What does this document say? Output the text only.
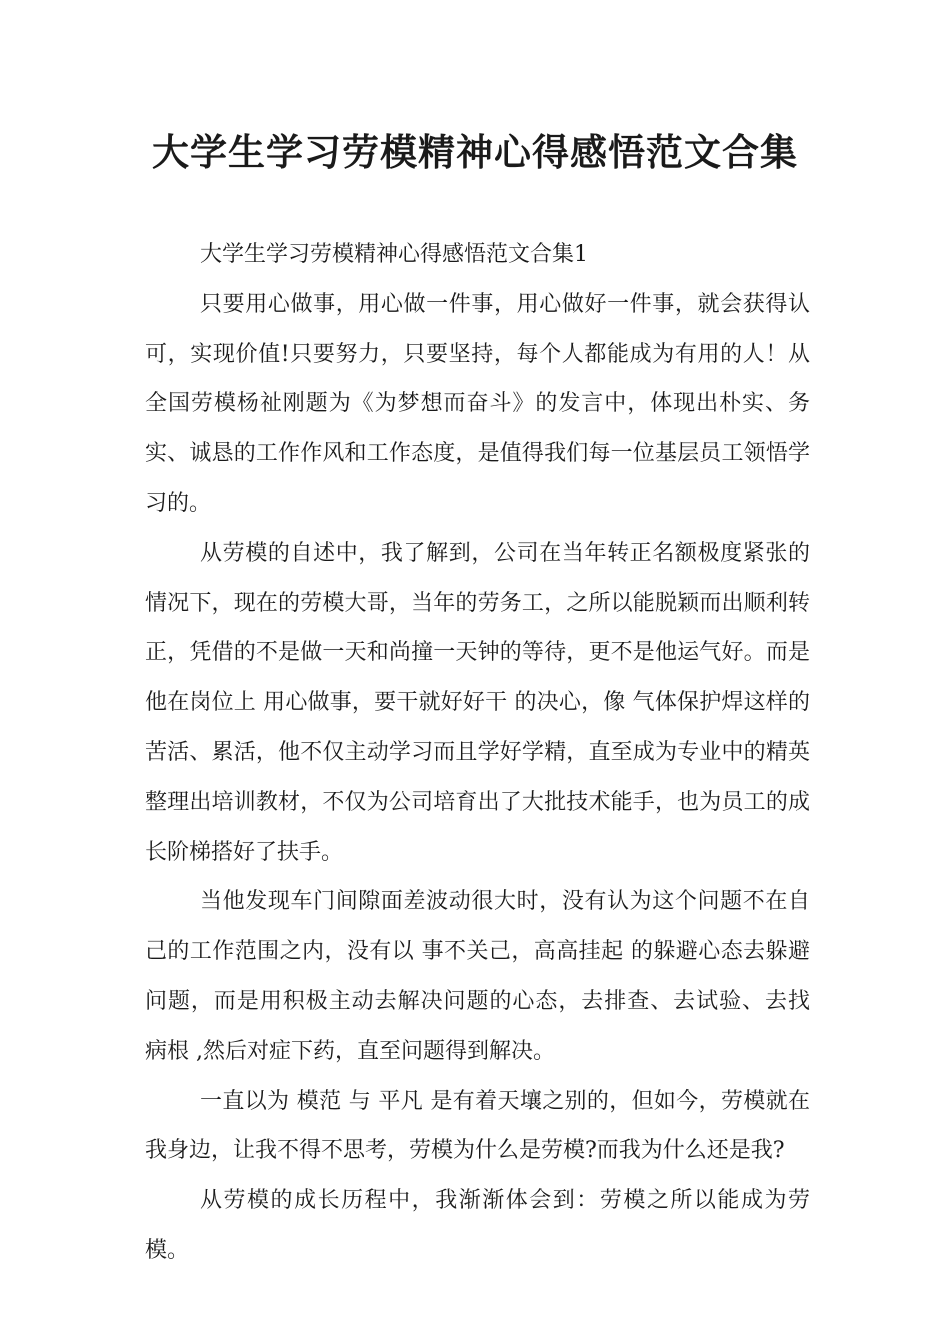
大学生学习劳模精神心得感悟范文合集

大学生学习劳模精神心得感悟范文合集1

只要用心做事，用心做一件事，用心做好一件事，就会获得认可，实现价值!只要努力，只要坚持，每个人都能成为有用的人！从全国劳模杨祉刚题为《为梦想而奋斗》的发言中，体现出朴实、务实、诚恳的工作作风和工作态度，是值得我们每一位基层员工领悟学习的。

从劳模的自述中，我了解到，公司在当年转正名额极度紧张的情况下，现在的劳模大哥，当年的劳务工，之所以能脱颖而出顺利转正，凭借的不是做一天和尚撞一天钟的等待，更不是他运气好。而是他在岗位上 用心做事，要干就好好干 的决心，像 气体保护焊这样的苦活、累活，他不仅主动学习而且学好学精，直至成为专业中的精英整理出培训教材，不仅为公司培育出了大批技术能手，也为员工的成长阶梯搭好了扶手。

当他发现车门间隙面差波动很大时，没有认为这个问题不在自己的工作范围之内，没有以 事不关己，高高挂起 的躲避心态去躲避问题，而是用积极主动去解决问题的心态，去排查、去试验、去找 病根 ,然后对症下药，直至问题得到解决。

一直以为 模范 与 平凡 是有着天壤之别的，但如今，劳模就在我身边，让我不得不思考，劳模为什么是劳模?而我为什么还是我?

从劳模的成长历程中，我渐渐体会到：劳模之所以能成为劳模。
